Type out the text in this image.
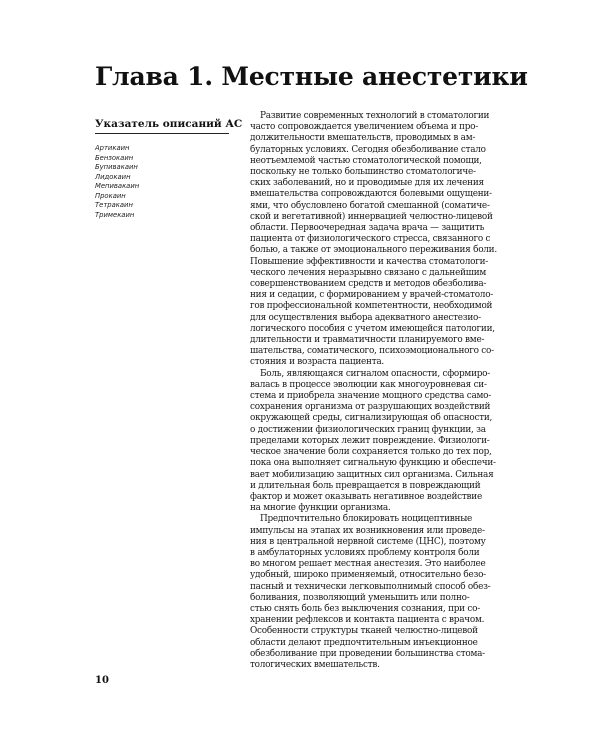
Глава 1. Местные анестетики
Указатель описаний АС
Артикаин
Бензокаин
Бупивакаин
Лидокаин
Мепивакаин
Прокаин
Тетракаин
Тримекаин

Развитие современных технологий в стоматологии
часто сопровождается увеличением объема и про-
должительности вмешательств, проводимых в ам-
булаторных условиях. Сегодня обезболивание стало
неотъемлемой частью стоматологической помощи,
поскольку не только большинство стоматологиче-
ских заболеваний, но и проводимые для их лечения
вмешательства сопровождаются болевыми ощущени-
ями, что обусловлено богатой смешанной (соматиче-
ской и вегетативной) иннервацией челюстно-лицевой
области. Первоочередная задача врача — защитить
пациента от физиологического стресса, связанного с
болью, а также от эмоционального переживания боли.
Повышение эффективности и качества стоматологи-
ческого лечения неразрывно связано с дальнейшим
совершенствованием средств и методов обезболива-
ния и седации, с формированием у врачей-стоматоло-
гов профессиональной компетентности, необходимой
для осуществления выбора адекватного анестезио-
логического пособия с учетом имеющейся патологии,
длительности и травматичности планируемого вме-
шательства, соматического, психоэмоционального со-
стояния и возраста пациента.

Боль, являющаяся сигналом опасности, сформиро-
валась в процессе эволюции как многоуровневая си-
стема и приобрела значение мощного средства само-
сохранения организма от разрушающих воздействий
окружающей среды, сигнализирующая об опасности,
о достижении физиологических границ функции, за
пределами которых лежит повреждение. Физиологи-
ческое значение боли сохраняется только до тех пор,
пока она выполняет сигнальную функцию и обеспечи-
вает мобилизацию защитных сил организма. Сильная
и длительная боль превращается в повреждающий
фактор и может оказывать негативное воздействие
на многие функции организма.

Предпочтительно блокировать ноцицептивные
импульсы на этапах их возникновения или проведе-
ния в центральной нервной системе (ЦНС), поэтому
в амбулаторных условиях проблему контроля боли
во многом решает местная анестезия. Это наиболее
удобный, широко применяемый, относительно безо-
пасный и технически легковыполнимый способ обез-
боливания, позволяющий уменьшить или полно-
стью снять боль без выключения сознания, при со-
хранении рефлексов и контакта пациента с врачом.
Особенности структуры тканей челюстно-лицевой
области делают предпочтительным инъекционное
обезболивание при проведении большинства стома-
тологических вмешательств.

10
